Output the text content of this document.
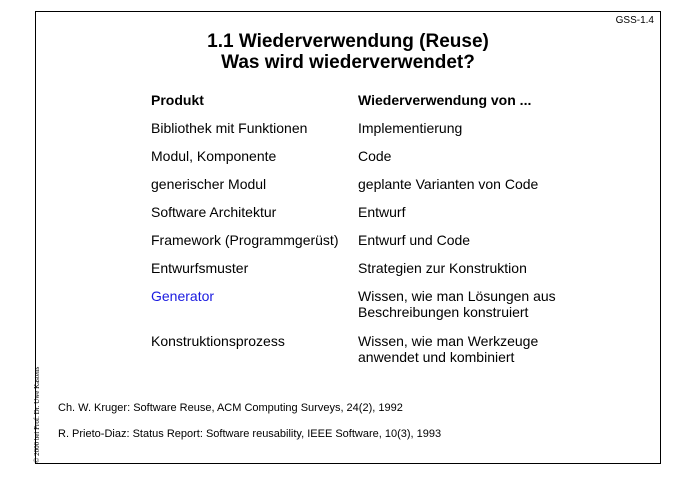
GSS-1.4
1.1 Wiederverwendung (Reuse)
Was wird wiederverwendet?
© 2000 bei Prof. Dr. Uwe Kastens
Produkt	Wiederverwendung von ...
Bibliothek mit Funktionen	Implementierung
Modul, Komponente	Code
generischer Modul	geplante Varianten von Code
Software Architektur	Entwurf
Framework (Programmgerüst)	Entwurf und Code
Entwurfsmuster	Strategien zur Konstruktion
Generator	Wissen, wie man Lösungen aus
Beschreibungen konstruiert
Konstruktionsprozess	Wissen, wie man Werkzeuge
anwendet und kombiniert
Ch. W. Kruger: Software Reuse, ACM Computing Surveys, 24(2), 1992
R. Prieto-Diaz: Status Report: Software reusability, IEEE Software, 10(3), 1993
